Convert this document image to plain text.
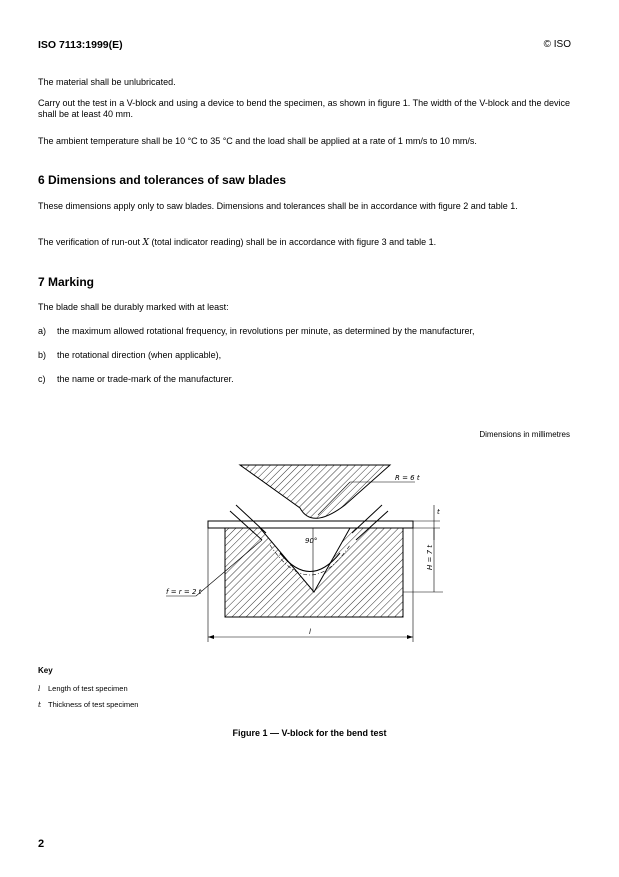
ISO 7113:1999(E)	© ISO

The material shall be unlubricated.

Carry out the test in a V-block and using a device to bend the specimen, as shown in figure 1. The width of the V-block and the device shall be at least 40 mm.

The ambient temperature shall be 10 °C to 35 °C and the load shall be applied at a rate of 1 mm/s to 10 mm/s.

6 Dimensions and tolerances of saw blades

These dimensions apply only to saw blades. Dimensions and tolerances shall be in accordance with figure 2 and table 1.

The verification of run-out X (total indicator reading) shall be in accordance with figure 3 and table 1.

7 Marking

The blade shall be durably marked with at least:

a) the maximum allowed rotational frequency, in revolutions per minute, as determined by the manufacturer,
b) the rotational direction (when applicable),
c) the name or trade-mark of the manufacturer.
Dimensions in millimetres
R = 6 t
90°
t
H = 7 t
f = r = 2 t
l
Key
l Length of test specimen
t Thickness of test specimen
Figure 1 — V-block for the bend test
2
